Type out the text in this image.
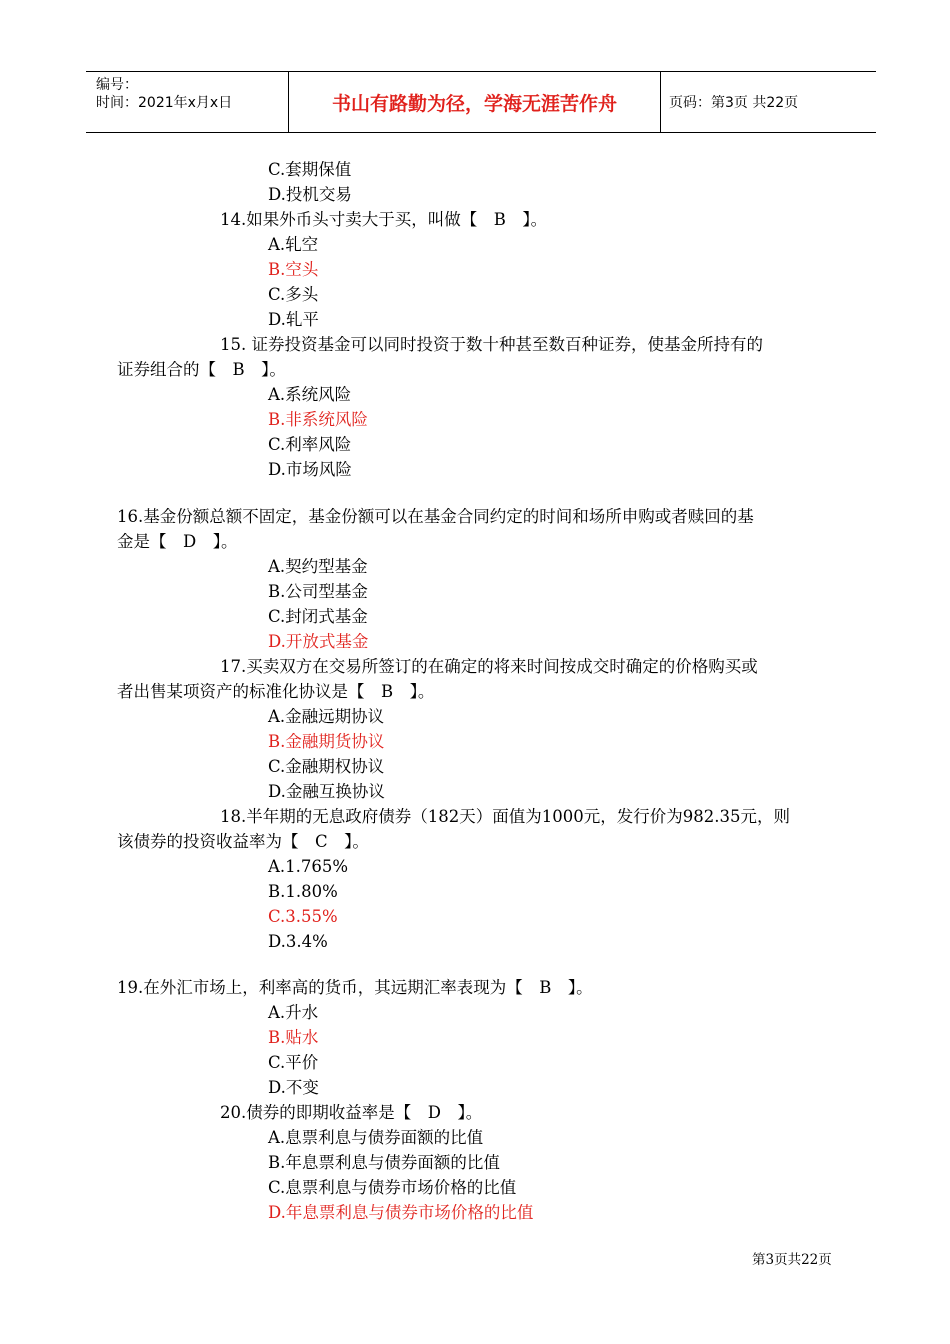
编号：
时间：2021年x月x日	书山有路勤为径，学海无涯苦作舟	页码：第3页 共22页
C.套期保值
D.投机交易
14.如果外币头寸卖大于买，叫做【　B　】。
A.轧空
B.空头
C.多头
D.轧平
15. 证券投资基金可以同时投资于数十种甚至数百种证券，使基金所持有的
证券组合的【　B　】。
A.系统风险
B.非系统风险
C.利率风险
D.市场风险
16.基金份额总额不固定，基金份额可以在基金合同约定的时间和场所申购或者赎回的基
金是【　D　】。
A.契约型基金
B.公司型基金
C.封闭式基金
D.开放式基金
17.买卖双方在交易所签订的在确定的将来时间按成交时确定的价格购买或
者出售某项资产的标准化协议是【　B　】。
A.金融远期协议
B.金融期货协议
C.金融期权协议
D.金融互换协议
18.半年期的无息政府债券（182天）面值为1000元，发行价为982.35元，则
该债券的投资收益率为【　C　】。
A.1.765%
B.1.80%
C.3.55%
D.3.4%
19.在外汇市场上，利率高的货币，其远期汇率表现为【　B　】。
A.升水
B.贴水
C.平价
D.不变
20.债券的即期收益率是【　D　】。
A.息票利息与债券面额的比值
B.年息票利息与债券面额的比值
C.息票利息与债券市场价格的比值
D.年息票利息与债券市场价格的比值
第3页共22页
